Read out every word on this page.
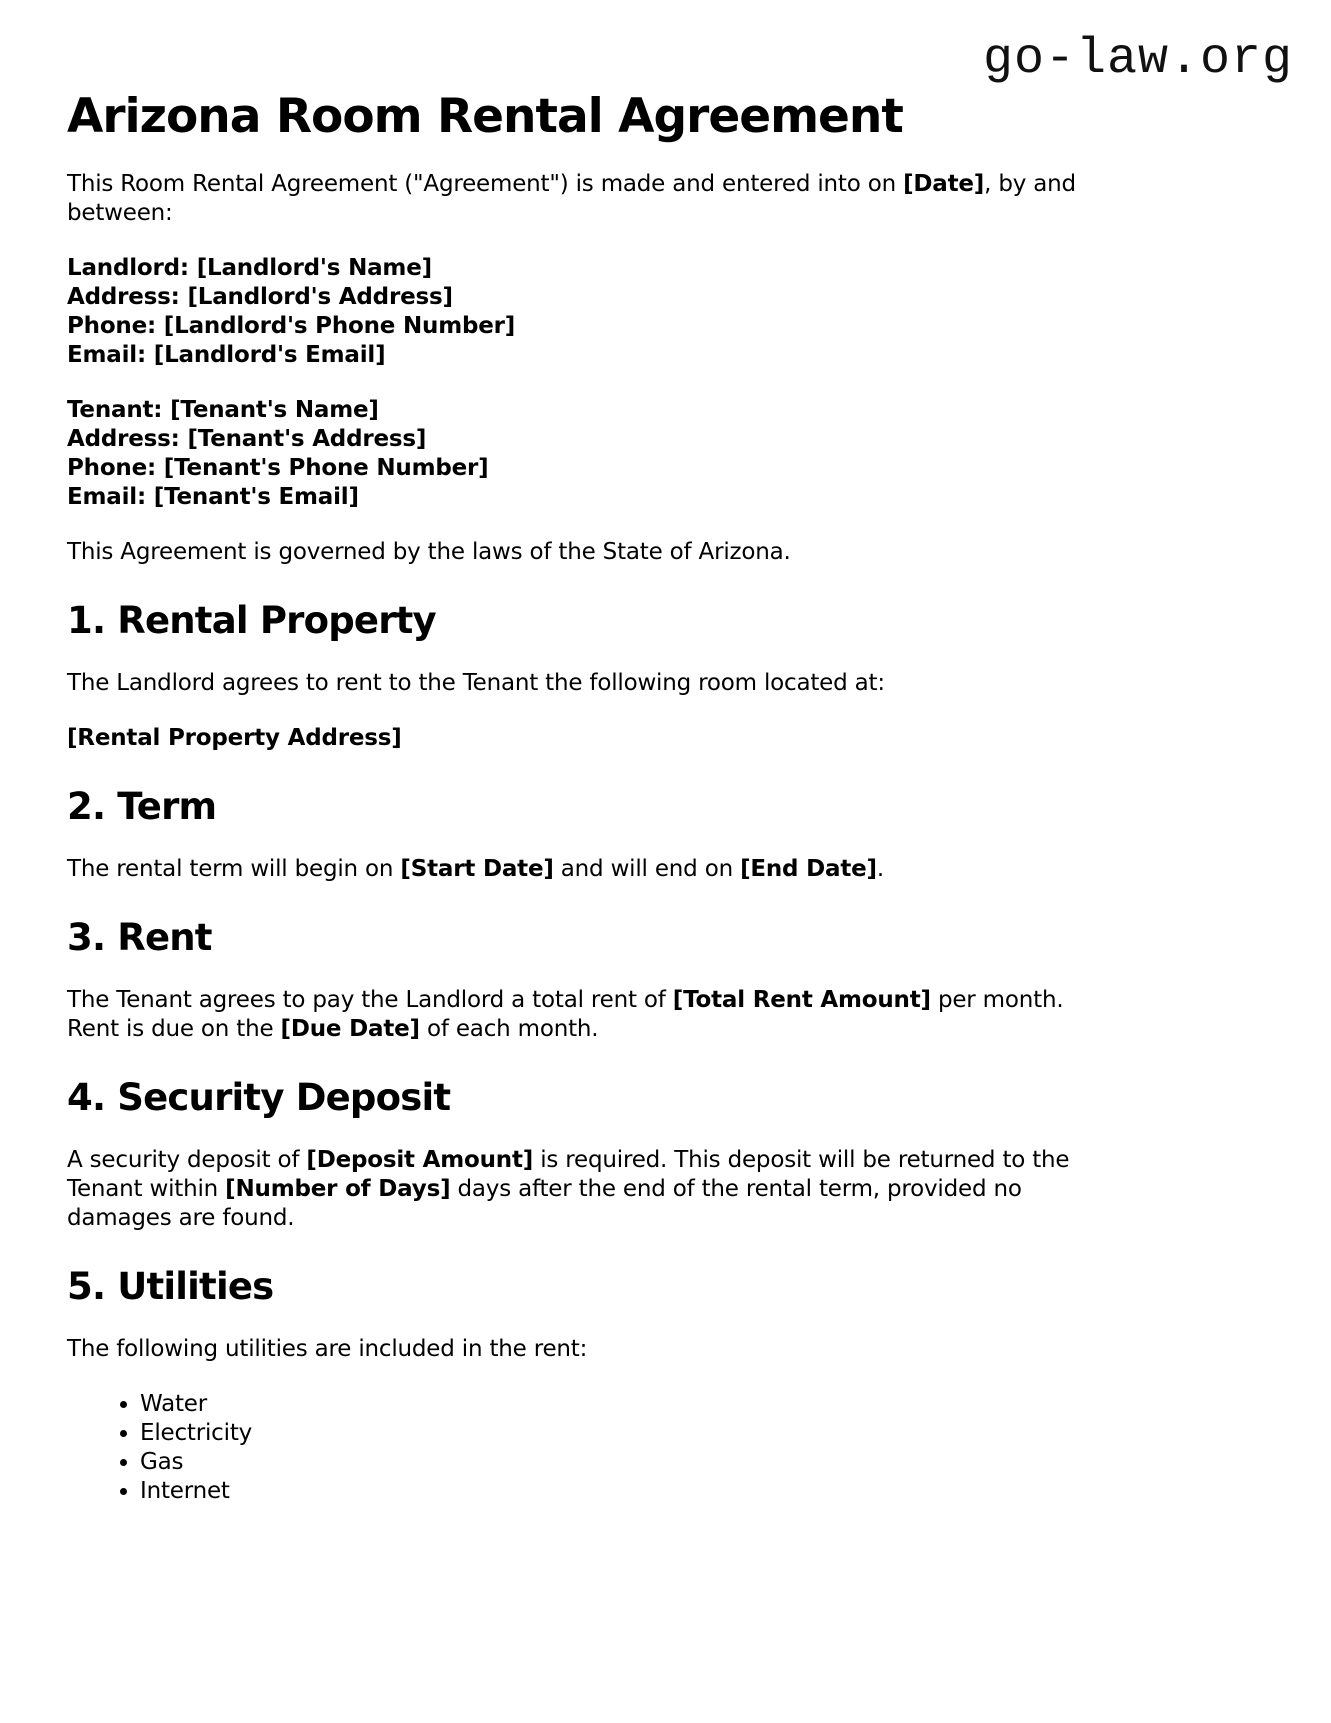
go-law.org
Arizona Room Rental Agreement

This Room Rental Agreement ("Agreement") is made and entered into on [Date], by and
between:

Landlord: [Landlord's Name]
Address: [Landlord's Address]
Phone: [Landlord's Phone Number]
Email: [Landlord's Email]

Tenant: [Tenant's Name]
Address: [Tenant's Address]
Phone: [Tenant's Phone Number]
Email: [Tenant's Email]

This Agreement is governed by the laws of the State of Arizona.

1. Rental Property

The Landlord agrees to rent to the Tenant the following room located at:

[Rental Property Address]

2. Term

The rental term will begin on [Start Date] and will end on [End Date].

3. Rent

The Tenant agrees to pay the Landlord a total rent of [Total Rent Amount] per month.
Rent is due on the [Due Date] of each month.

4. Security Deposit

A security deposit of [Deposit Amount] is required. This deposit will be returned to the
Tenant within [Number of Days] days after the end of the rental term, provided no
damages are found.

5. Utilities

The following utilities are included in the rent:

• Water
• Electricity
• Gas
• Internet
